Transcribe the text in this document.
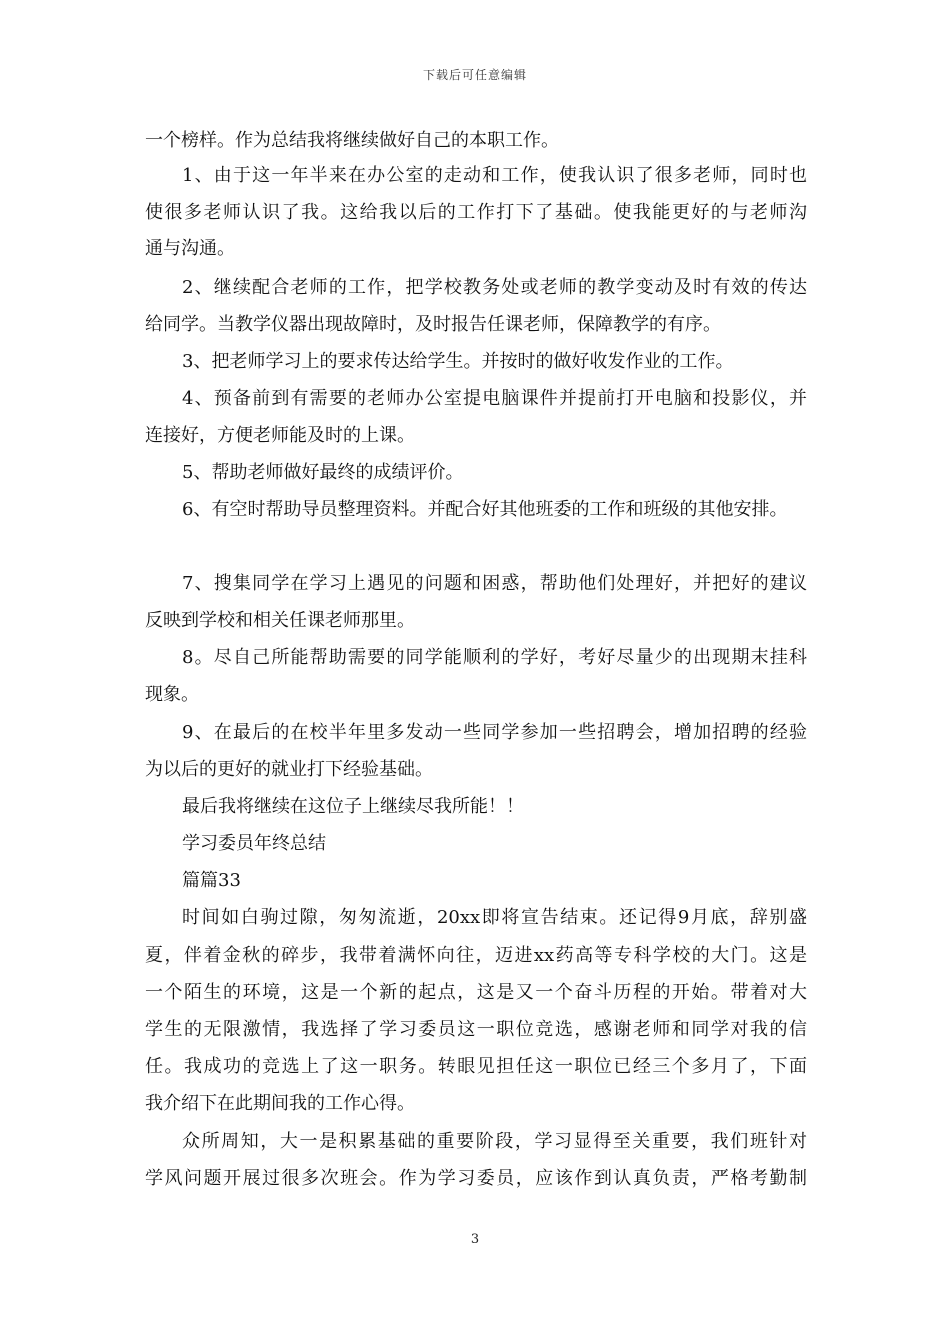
下载后可任意编辑
一个榜样。作为总结我将继续做好自己的本职工作。
1、由于这一年半来在办公室的走动和工作，使我认识了很多老师，同时也
使很多老师认识了我。这给我以后的工作打下了基础。使我能更好的与老师沟
通与沟通。
2、继续配合老师的工作，把学校教务处或老师的教学变动及时有效的传达
给同学。当教学仪器出现故障时，及时报告任课老师，保障教学的有序。
3、把老师学习上的要求传达给学生。并按时的做好收发作业的工作。
4、预备前到有需要的老师办公室提电脑课件并提前打开电脑和投影仪，并
连接好，方便老师能及时的上课。
5、帮助老师做好最终的成绩评价。
6、有空时帮助导员整理资料。并配合好其他班委的工作和班级的其他安排。
7、搜集同学在学习上遇见的问题和困惑，帮助他们处理好，并把好的建议
反映到学校和相关任课老师那里。
8。尽自己所能帮助需要的同学能顺利的学好，考好尽量少的出现期末挂科
现象。
9、在最后的在校半年里多发动一些同学参加一些招聘会，增加招聘的经验
为以后的更好的就业打下经验基础。
最后我将继续在这位子上继续尽我所能！！
学习委员年终总结
篇篇33
时间如白驹过隙，匆匆流逝，20xx即将宣告结束。还记得9月底，辞别盛
夏，伴着金秋的碎步，我带着满怀向往，迈进xx药高等专科学校的大门。这是
一个陌生的环境，这是一个新的起点，这是又一个奋斗历程的开始。带着对大
学生的无限激情，我选择了学习委员这一职位竞选，感谢老师和同学对我的信
任。我成功的竞选上了这一职务。转眼见担任这一职位已经三个多月了，下面
我介绍下在此期间我的工作心得。
众所周知，大一是积累基础的重要阶段，学习显得至关重要，我们班针对
学风问题开展过很多次班会。作为学习委员，应该作到认真负责，严格考勤制
3
